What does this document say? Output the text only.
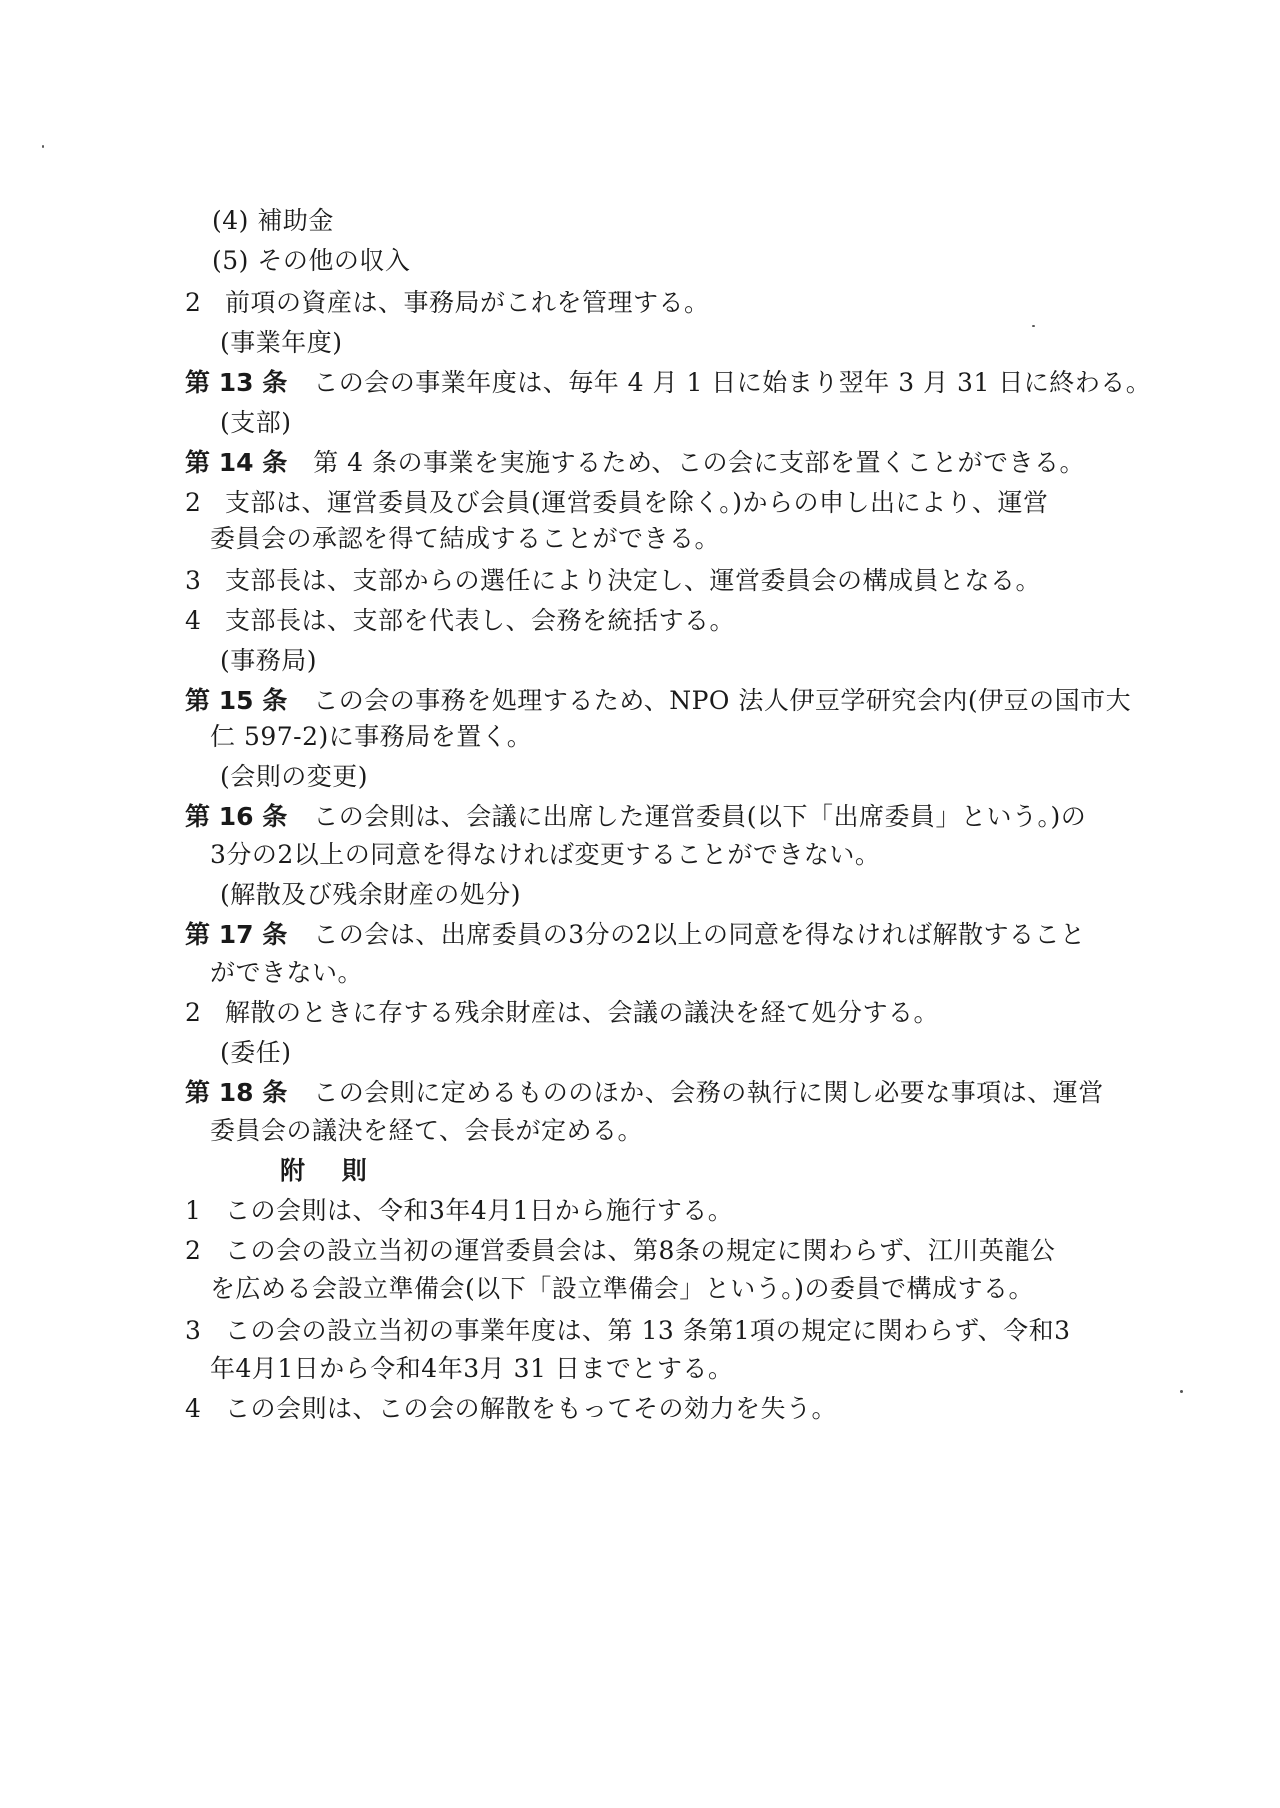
(4) 補助金
(5) その他の収入
2 前項の資産は、事務局がこれを管理する。
(事業年度)
第 13 条 この会の事業年度は、毎年 4 月 1 日に始まり翌年 3 月 31 日に終わる。
(支部)
第 14 条 第 4 条の事業を実施するため、この会に支部を置くことができる。
2 支部は、運営委員及び会員(運営委員を除く。)からの申し出により、運営
委員会の承認を得て結成することができる。
3 支部長は、支部からの選任により決定し、運営委員会の構成員となる。
4 支部長は、支部を代表し、会務を統括する。
(事務局)
第 15 条 この会の事務を処理するため、NPO 法人伊豆学研究会内(伊豆の国市大
仁 597-2)に事務局を置く。
(会則の変更)
第 16 条 この会則は、会議に出席した運営委員(以下「出席委員」という。)の
3分の2以上の同意を得なければ変更することができない。
(解散及び残余財産の処分)
第 17 条 この会は、出席委員の3分の2以上の同意を得なければ解散すること
ができない。
2 解散のときに存する残余財産は、会議の議決を経て処分する。
(委任)
第 18 条 この会則に定めるもののほか、会務の執行に関し必要な事項は、運営
委員会の議決を経て、会長が定める。
附 則
1 この会則は、令和3年4月1日から施行する。
2 この会の設立当初の運営委員会は、第8条の規定に関わらず、江川英龍公
を広める会設立準備会(以下「設立準備会」という。)の委員で構成する。
3 この会の設立当初の事業年度は、第 13 条第1項の規定に関わらず、令和3
年4月1日から令和4年3月 31 日までとする。
4 この会則は、この会の解散をもってその効力を失う。
